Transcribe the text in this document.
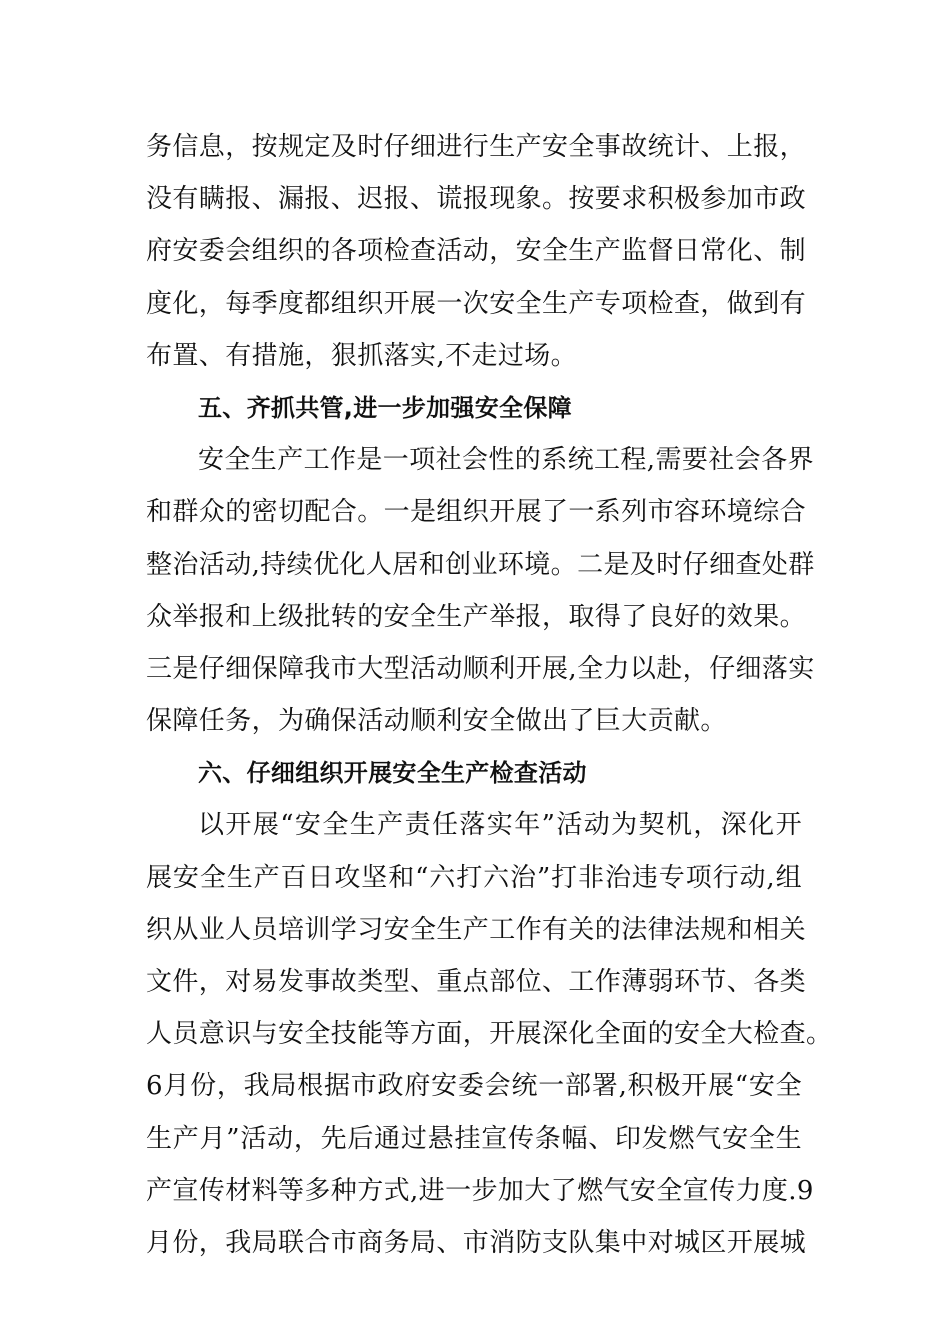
务信息，按规定及时仔细进行生产安全事故统计、上报，
没有瞒报、漏报、迟报、谎报现象。按要求积极参加市政
府安委会组织的各项检查活动，安全生产监督日常化、制
度化，每季度都组织开展一次安全生产专项检查，做到有
布置、有措施，狠抓落实,不走过场。
五、齐抓共管,进一步加强安全保障
安全生产工作是一项社会性的系统工程,需要社会各界
和群众的密切配合。一是组织开展了一系列市容环境综合
整治活动,持续优化人居和创业环境。二是及时仔细查处群
众举报和上级批转的安全生产举报，取得了良好的效果。
三是仔细保障我市大型活动顺利开展,全力以赴，仔细落实
保障任务，为确保活动顺利安全做出了巨大贡献。
六、仔细组织开展安全生产检查活动
以开展“安全生产责任落实年”活动为契机，深化开
展安全生产百日攻坚和“六打六治”打非治违专项行动,组
织从业人员培训学习安全生产工作有关的法律法规和相关
文件，对易发事故类型、重点部位、工作薄弱环节、各类
人员意识与安全技能等方面，开展深化全面的安全大检查。
6月份，我局根据市政府安委会统一部署,积极开展“安全
生产月”活动，先后通过悬挂宣传条幅、印发燃气安全生
产宣传材料等多种方式,进一步加大了燃气安全宣传力度.9
月份，我局联合市商务局、市消防支队集中对城区开展城
